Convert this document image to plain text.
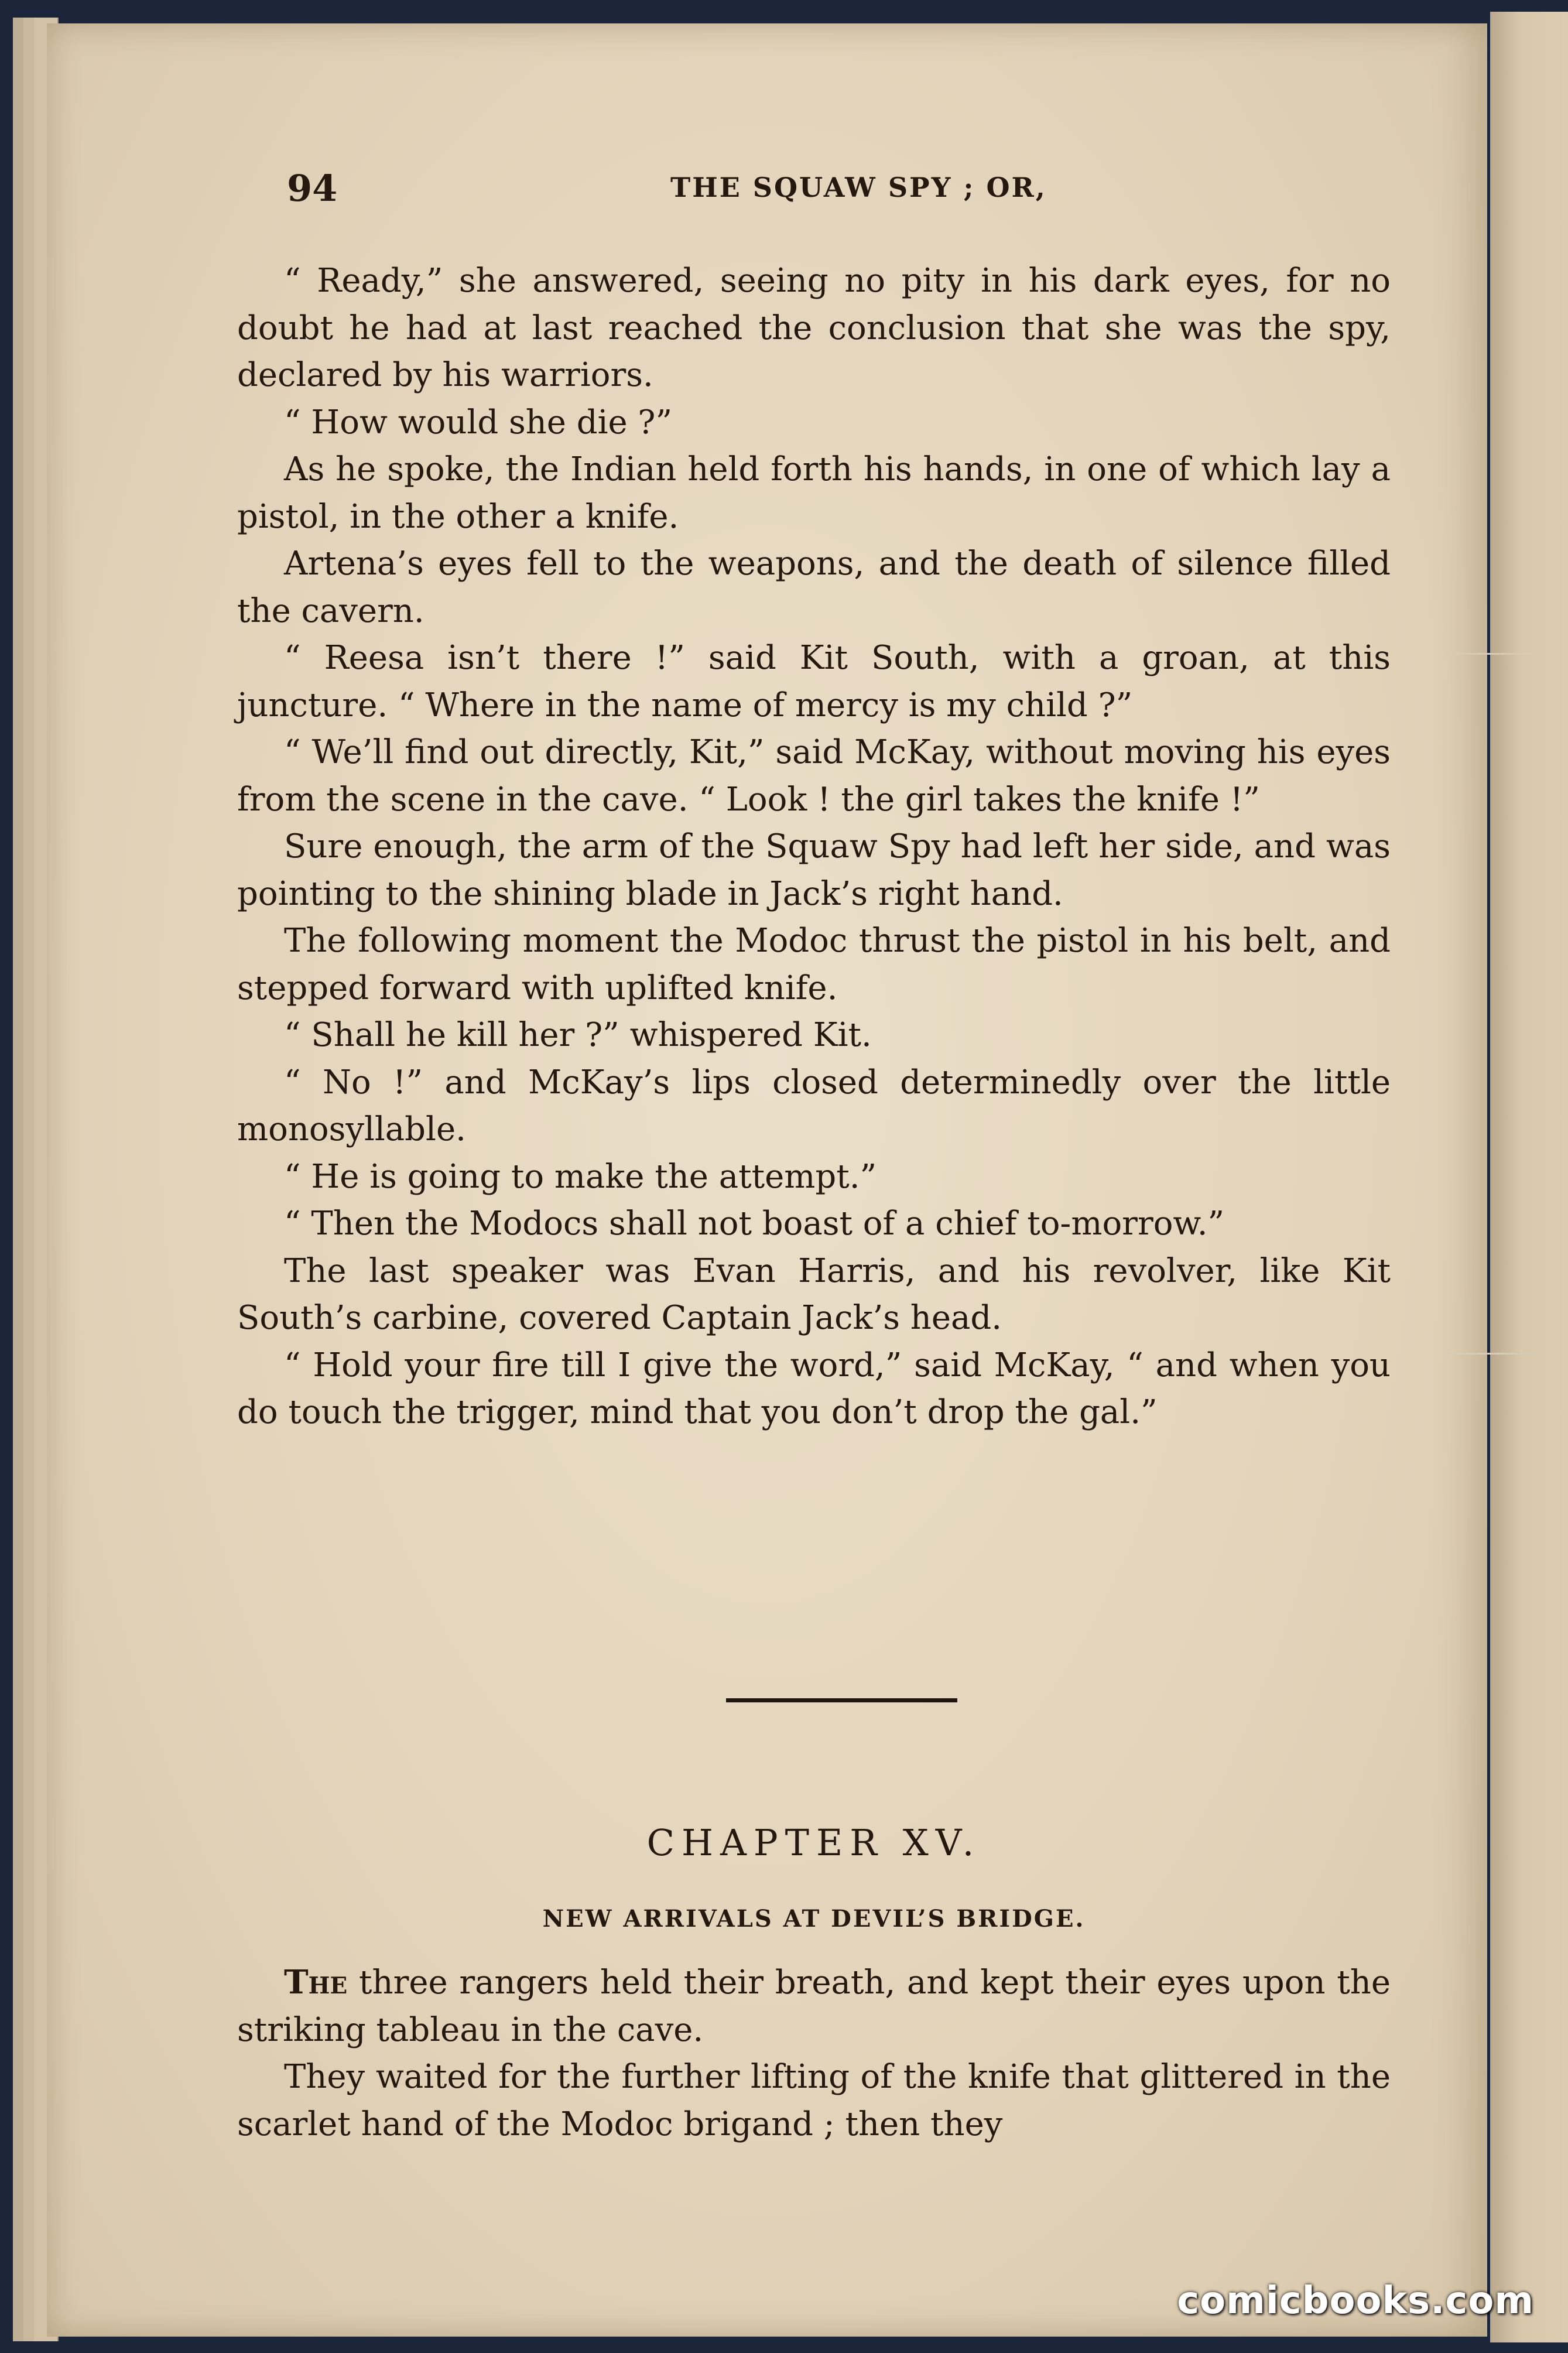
94	THE SQUAW SPY ; OR,

“ Ready,” she answered, seeing no pity in his dark eyes, for no doubt he had at last reached the conclusion that she was the spy, declared by his warriors.

“ How would she die ?”

As he spoke, the Indian held forth his hands, in one of which lay a pistol, in the other a knife.

Artena’s eyes fell to the weapons, and the death of silence filled the cavern.

“ Reesa isn’t there !” said Kit South, with a groan, at this juncture. “ Where in the name of mercy is my child ?”

“ We’ll find out directly, Kit,” said McKay, without moving his eyes from the scene in the cave. “ Look ! the girl takes the knife !”

Sure enough, the arm of the Squaw Spy had left her side, and was pointing to the shining blade in Jack’s right hand.

The following moment the Modoc thrust the pistol in his belt, and stepped forward with uplifted knife.

“ Shall he kill her ?” whispered Kit.

“ No !” and McKay’s lips closed determinedly over the little monosyllable.

“ He is going to make the attempt.”

“ Then the Modocs shall not boast of a chief to-morrow.”

The last speaker was Evan Harris, and his revolver, like Kit South’s carbine, covered Captain Jack’s head.

“ Hold your fire till I give the word,” said McKay, “ and when you do touch the trigger, mind that you don’t drop the gal.”

CHAPTER XV.
NEW ARRIVALS AT DEVIL’S BRIDGE.

The three rangers held their breath, and kept their eyes upon the striking tableau in the cave.

They waited for the further lifting of the knife that glittered in the scarlet hand of the Modoc brigand ; then they

comicbooks.com
